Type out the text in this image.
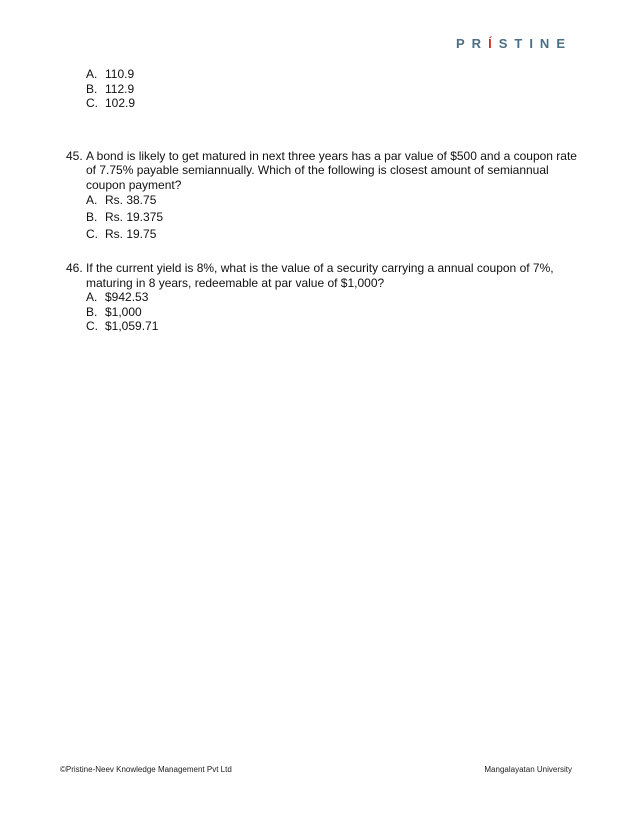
PRÍSTINE
A. 110.9
B. 112.9
C. 102.9
45. A bond is likely to get matured in next three years has a par value of $500 and a coupon rate of 7.75% payable semiannually. Which of the following is closest amount of semiannual coupon payment?
A. Rs. 38.75
B. Rs. 19.375
C. Rs. 19.75
46. If the current yield is 8%, what is the value of a security carrying a annual coupon of 7%, maturing in 8 years, redeemable at par value of $1,000?
A. $942.53
B. $1,000
C. $1,059.71
©Pristine-Neev Knowledge Management Pvt Ltd	Mangalayatan University
